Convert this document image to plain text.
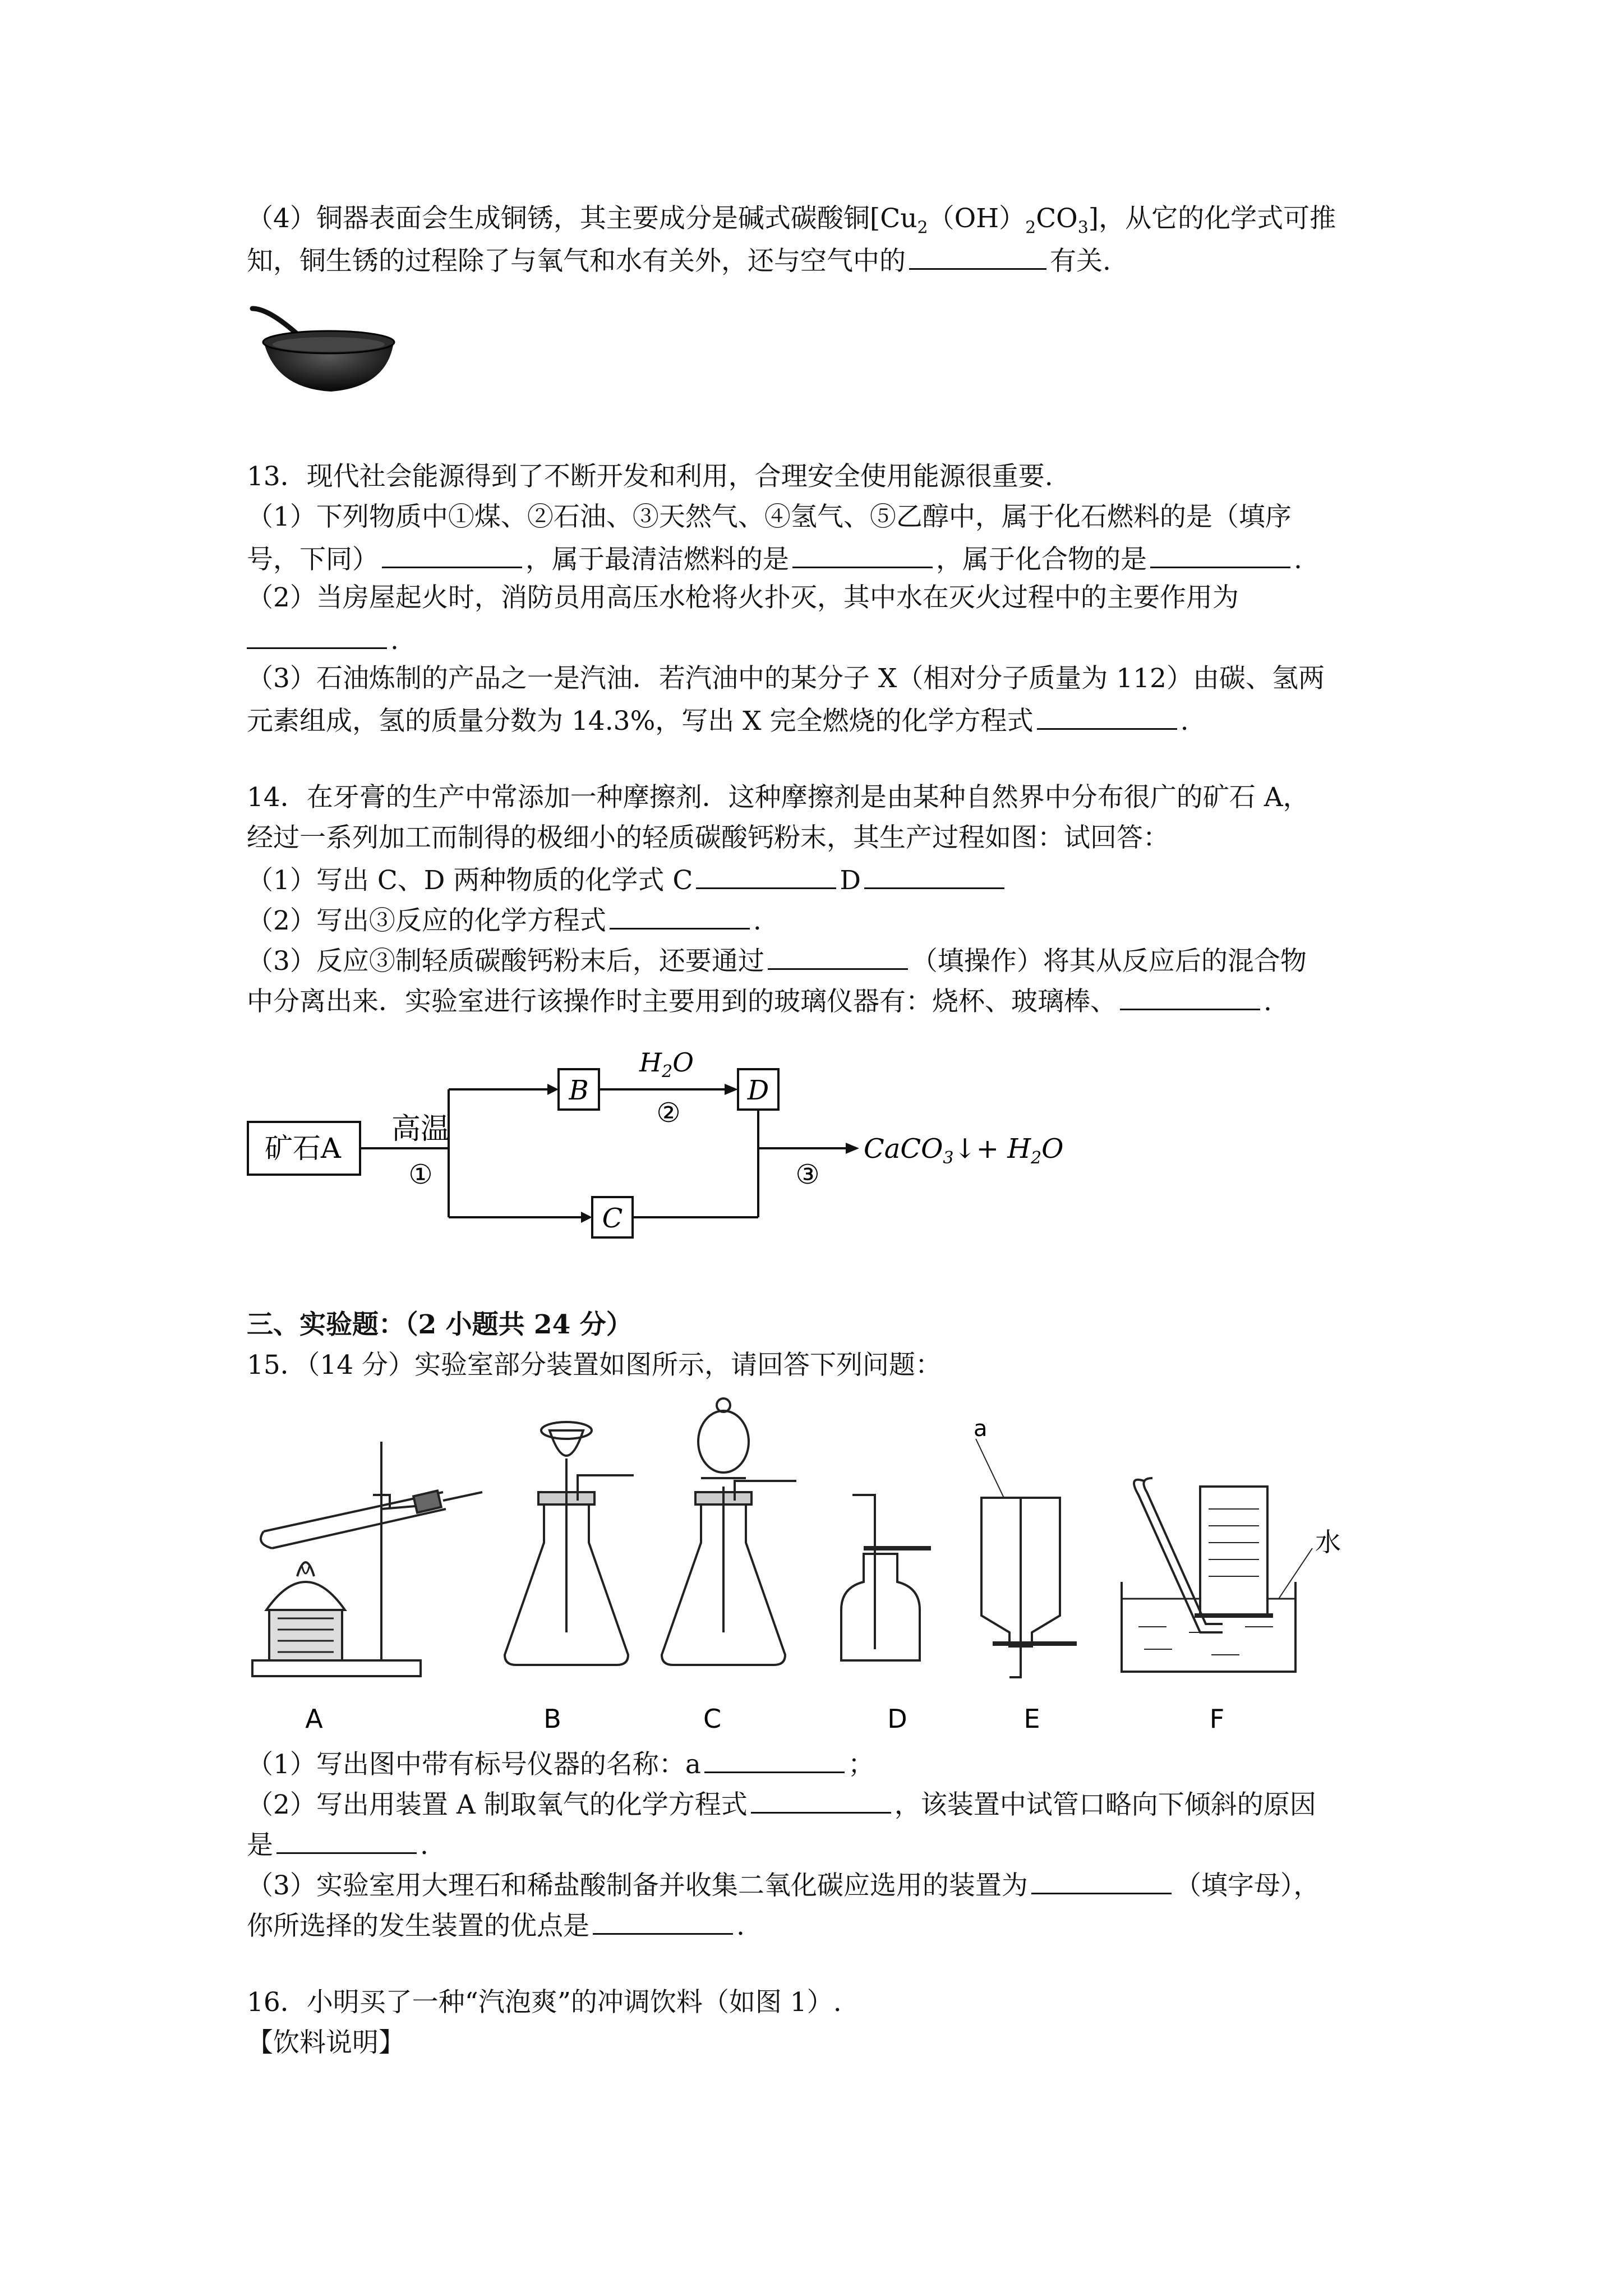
（4）铜器表面会生成铜锈，其主要成分是碱式碳酸铜$[Cu_2(OH)_2CO_3]$，从它的化学式可推
知，铜生锈的过程除了与氧气和水有关外，还与空气中的	有关.
13．现代社会能源得到了不断开发和利用，合理安全使用能源很重要.
（1）下列物质中①煤、②石油、③天然气、④氢气、⑤乙醇中，属于化石燃料的是（填序
号，下同）	，属于最清洁燃料的是	，属于化合物的是	.
（2）当房屋起火时，消防员用高压水枪将火扑灭，其中水在灭火过程中的主要作用为
.
（3）石油炼制的产品之一是汽油．若汽油中的某分子 X（相对分子质量为 112）由碳、氢两
元素组成，氢的质量分数为 14.3%，写出 X 完全燃烧的化学方程式	.
14．在牙膏的生产中常添加一种摩擦剂．这种摩擦剂是由某种自然界中分布很广的矿石 A，
经过一系列加工而制得的极细小的轻质碳酸钙粉末，其生产过程如图：试回答：
（1）写出 C、D 两种物质的化学式 C	D
（2）写出③反应的化学方程式	.
（3）反应③制轻质碳酸钙粉末后，还要通过	（填操作）将其从反应后的混合物
中分离出来．实验室进行该操作时主要用到的玻璃仪器有：烧杯、玻璃棒、	.
矿石A
高温
①
B
$H_2O$
②
D
C
③
CaCO$_3$↓+ $H_2O$
三、实验题：（2 小题共 24 分）
15．（14 分）实验室部分装置如图所示，请回答下列问题：
a
水
A	B	C	D	E	F
（1）写出图中带有标号仪器的名称：a	；
（2）写出用装置 A 制取氧气的化学方程式	，该装置中试管口略向下倾斜的原因
是	.
（3）实验室用大理石和稀盐酸制备并收集二氧化碳应选用的装置为	（填字母），
你所选择的发生装置的优点是	.
16．小明买了一种“汽泡爽”的冲调饮料（如图 1）.
【饮料说明】
